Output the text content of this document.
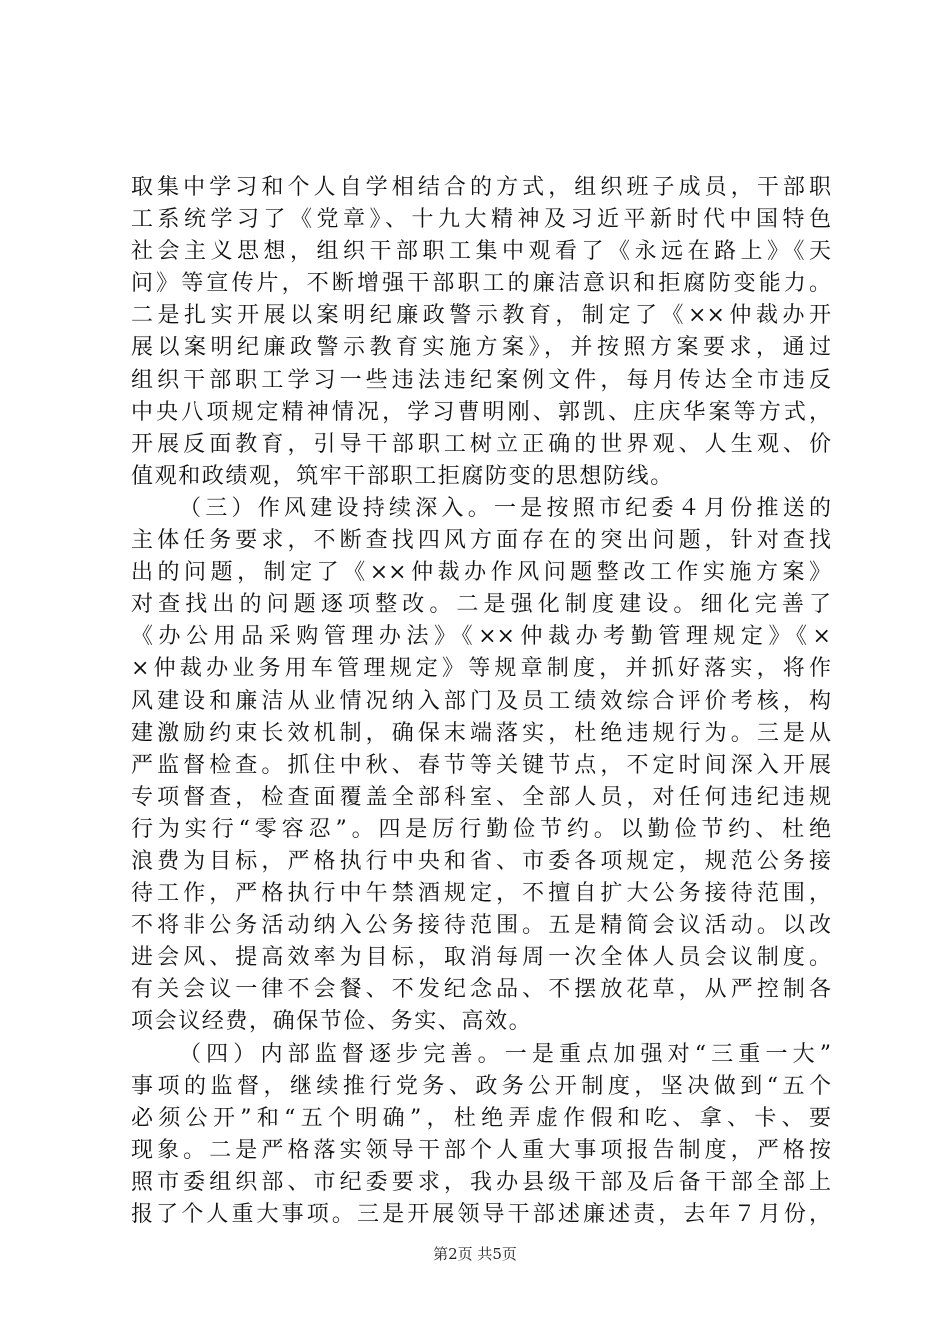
取集中学习和个人自学相结合的方式，组织班子成员，干部职
工系统学习了《党章》、十九大精神及习近平新时代中国特色
社会主义思想，组织干部职工集中观看了《永远在路上》《天
问》等宣传片，不断增强干部职工的廉洁意识和拒腐防变能力。
二是扎实开展以案明纪廉政警示教育，制定了《××仲裁办开
展以案明纪廉政警示教育实施方案》，并按照方案要求，通过
组织干部职工学习一些违法违纪案例文件，每月传达全市违反
中央八项规定精神情况，学习曹明刚、郭凯、庄庆华案等方式，
开展反面教育，引导干部职工树立正确的世界观、人生观、价
值观和政绩观，筑牢干部职工拒腐防变的思想防线。
（三）作风建设持续深入。一是按照市纪委４月份推送的
主体任务要求，不断查找四风方面存在的突出问题，针对查找
出的问题，制定了《××仲裁办作风问题整改工作实施方案》
对查找出的问题逐项整改。二是强化制度建设。细化完善了
《办公用品采购管理办法》《××仲裁办考勤管理规定》《×
×仲裁办业务用车管理规定》等规章制度，并抓好落实，将作
风建设和廉洁从业情况纳入部门及员工绩效综合评价考核，构
建激励约束长效机制，确保末端落实，杜绝违规行为。三是从
严监督检查。抓住中秋、春节等关键节点，不定时间深入开展
专项督查，检查面覆盖全部科室、全部人员，对任何违纪违规
行为实行“零容忍”。四是厉行勤俭节约。以勤俭节约、杜绝
浪费为目标，严格执行中央和省、市委各项规定，规范公务接
待工作，严格执行中午禁酒规定，不擅自扩大公务接待范围，
不将非公务活动纳入公务接待范围。五是精简会议活动。以改
进会风、提高效率为目标，取消每周一次全体人员会议制度。
有关会议一律不会餐、不发纪念品、不摆放花草，从严控制各
项会议经费，确保节俭、务实、高效。
（四）内部监督逐步完善。一是重点加强对“三重一大”
事项的监督，继续推行党务、政务公开制度，坚决做到“五个
必须公开”和“五个明确”，杜绝弄虚作假和吃、拿、卡、要
现象。二是严格落实领导干部个人重大事项报告制度，严格按
照市委组织部、市纪委要求，我办县级干部及后备干部全部上
报了个人重大事项。三是开展领导干部述廉述责，去年７月份，
第2页 共5页
